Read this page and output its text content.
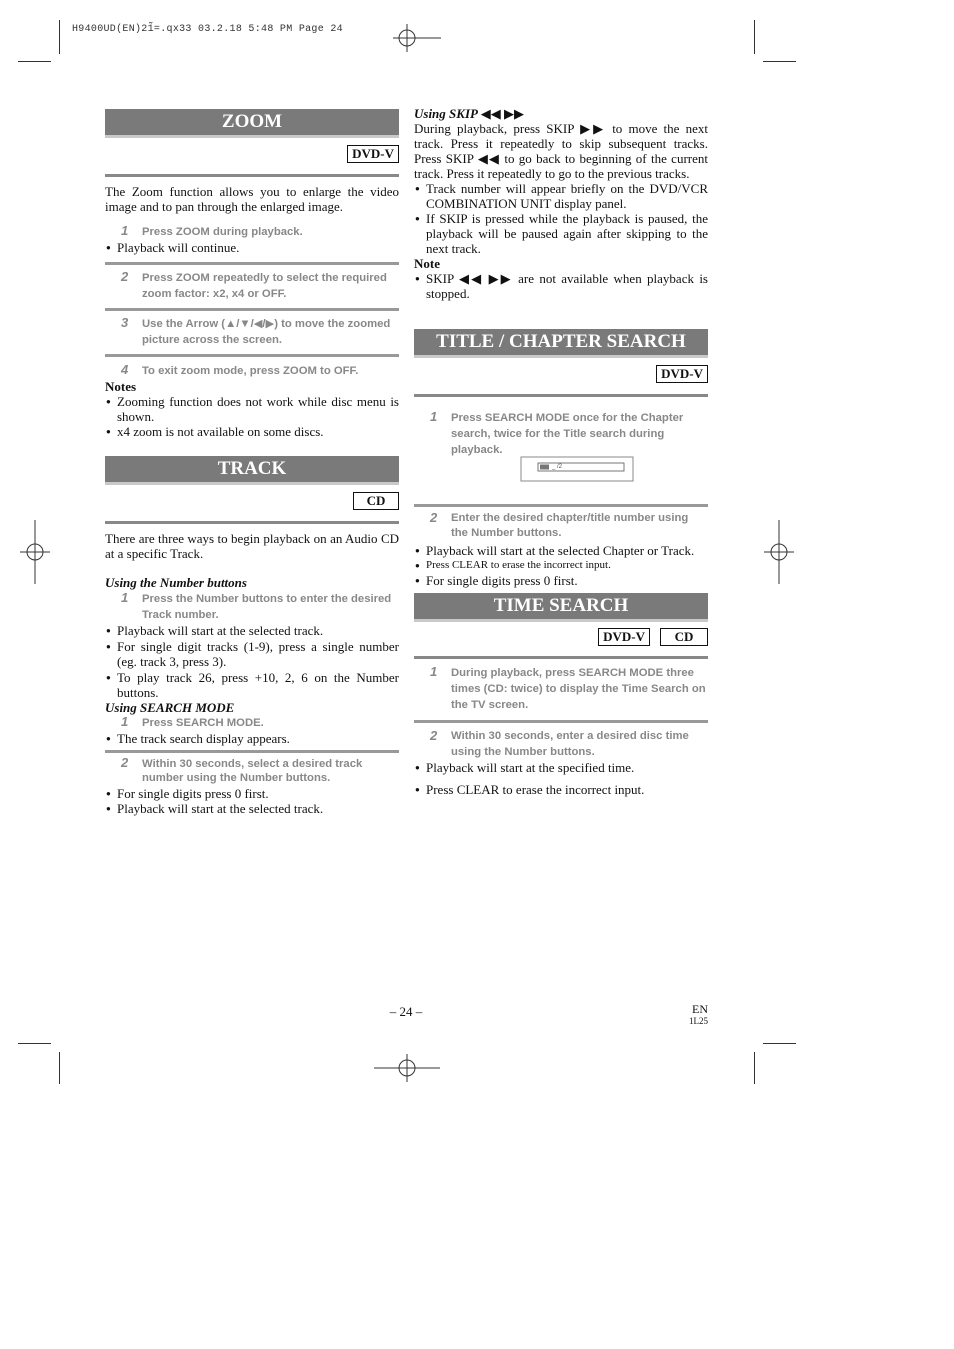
H9400UD(EN)21̃=.qx33 03.2.18 5:48 PM Page 24
ZOOM
DVD-V
The Zoom function allows you to enlarge the video image and to pan through the enlarged image.
1 Press ZOOM during playback.
● Playback will continue.
2 Press ZOOM repeatedly to select the required zoom factor: x2, x4 or OFF.
3 Use the Arrow (▲/▼/◀/▶) to move the zoomed picture across the screen.
4 To exit zoom mode, press ZOOM to OFF.
Notes
● Zooming function does not work while disc menu is shown.
● x4 zoom is not available on some discs.
TRACK
CD
There are three ways to begin playback on an Audio CD at a specific Track.
Using the Number buttons
1 Press the Number buttons to enter the desired Track number.
● Playback will start at the selected track.
● For single digit tracks (1-9), press a single number (eg. track 3, press 3).
● To play track 26, press +10, 2, 6 on the Number buttons.
Using SEARCH MODE
1 Press SEARCH MODE.
● The track search display appears.
2 Within 30 seconds, select a desired track number using the Number buttons.
● For single digits press 0 first.
● Playback will start at the selected track.
Using SKIP ◀◀ ▶▶
During playback, press SKIP ▶▶ to move the next track. Press it repeatedly to skip subsequent tracks. Press SKIP ◀◀ to go back to beginning of the current track. Press it repeatedly to go to the previous tracks.
● Track number will appear briefly on the DVD/VCR COMBINATION UNIT display panel.
● If SKIP is pressed while the playback is paused, the playback will be paused again after skipping to the next track.
Note
● SKIP ◀◀ ▶▶ are not available when playback is stopped.
TITLE / CHAPTER SEARCH
DVD-V
1 Press SEARCH MODE once for the Chapter search, twice for the Title search during playback.
_ /2
2 Enter the desired chapter/title number using the Number buttons.
● Playback will start at the selected Chapter or Track.
● Press CLEAR to erase the incorrect input.
● For single digits press 0 first.
TIME SEARCH
DVD-V CD
1 During playback, press SEARCH MODE three times (CD: twice) to display the Time Search on the TV screen.
2 Within 30 seconds, enter a desired disc time using the Number buttons.
● Playback will start at the specified time.
● Press CLEAR to erase the incorrect input.
– 24 –	EN
1L25
